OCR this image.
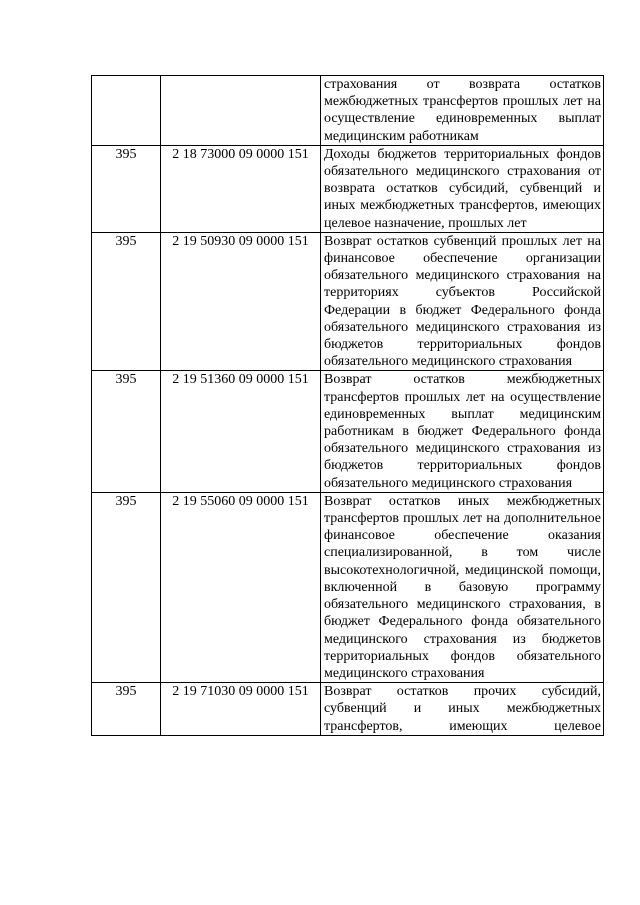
		страхования от возврата остатков межбюджетных трансфертов прошлых лет на осуществление единовременных выплат медицинским работникам
395	2 18 73000 09 0000 151	Доходы бюджетов территориальных фондов обязательного медицинского страхования от возврата остатков субсидий, субвенций и иных межбюджетных трансфертов, имеющих целевое назначение, прошлых лет
395	2 19 50930 09 0000 151	Возврат остатков субвенций прошлых лет на финансовое обеспечение организации обязательного медицинского страхования на территориях субъектов Российской Федерации в бюджет Федерального фонда обязательного медицинского страхования из бюджетов территориальных фондов обязательного медицинского страхования
395	2 19 51360 09 0000 151	Возврат остатков межбюджетных трансфертов прошлых лет на осуществление единовременных выплат медицинским работникам в бюджет Федерального фонда обязательного медицинского страхования из бюджетов территориальных фондов обязательного медицинского страхования
395	2 19 55060 09 0000 151	Возврат остатков иных межбюджетных трансфертов прошлых лет на дополнительное финансовое обеспечение оказания специализированной, в том числе высокотехнологичной, медицинской помощи, включенной в базовую программу обязательного медицинского страхования, в бюджет Федерального фонда обязательного медицинского страхования из бюджетов территориальных фондов обязательного медицинского страхования
395	2 19 71030 09 0000 151	Возврат остатков прочих субсидий, субвенций и иных межбюджетных трансфертов, имеющих целевое
